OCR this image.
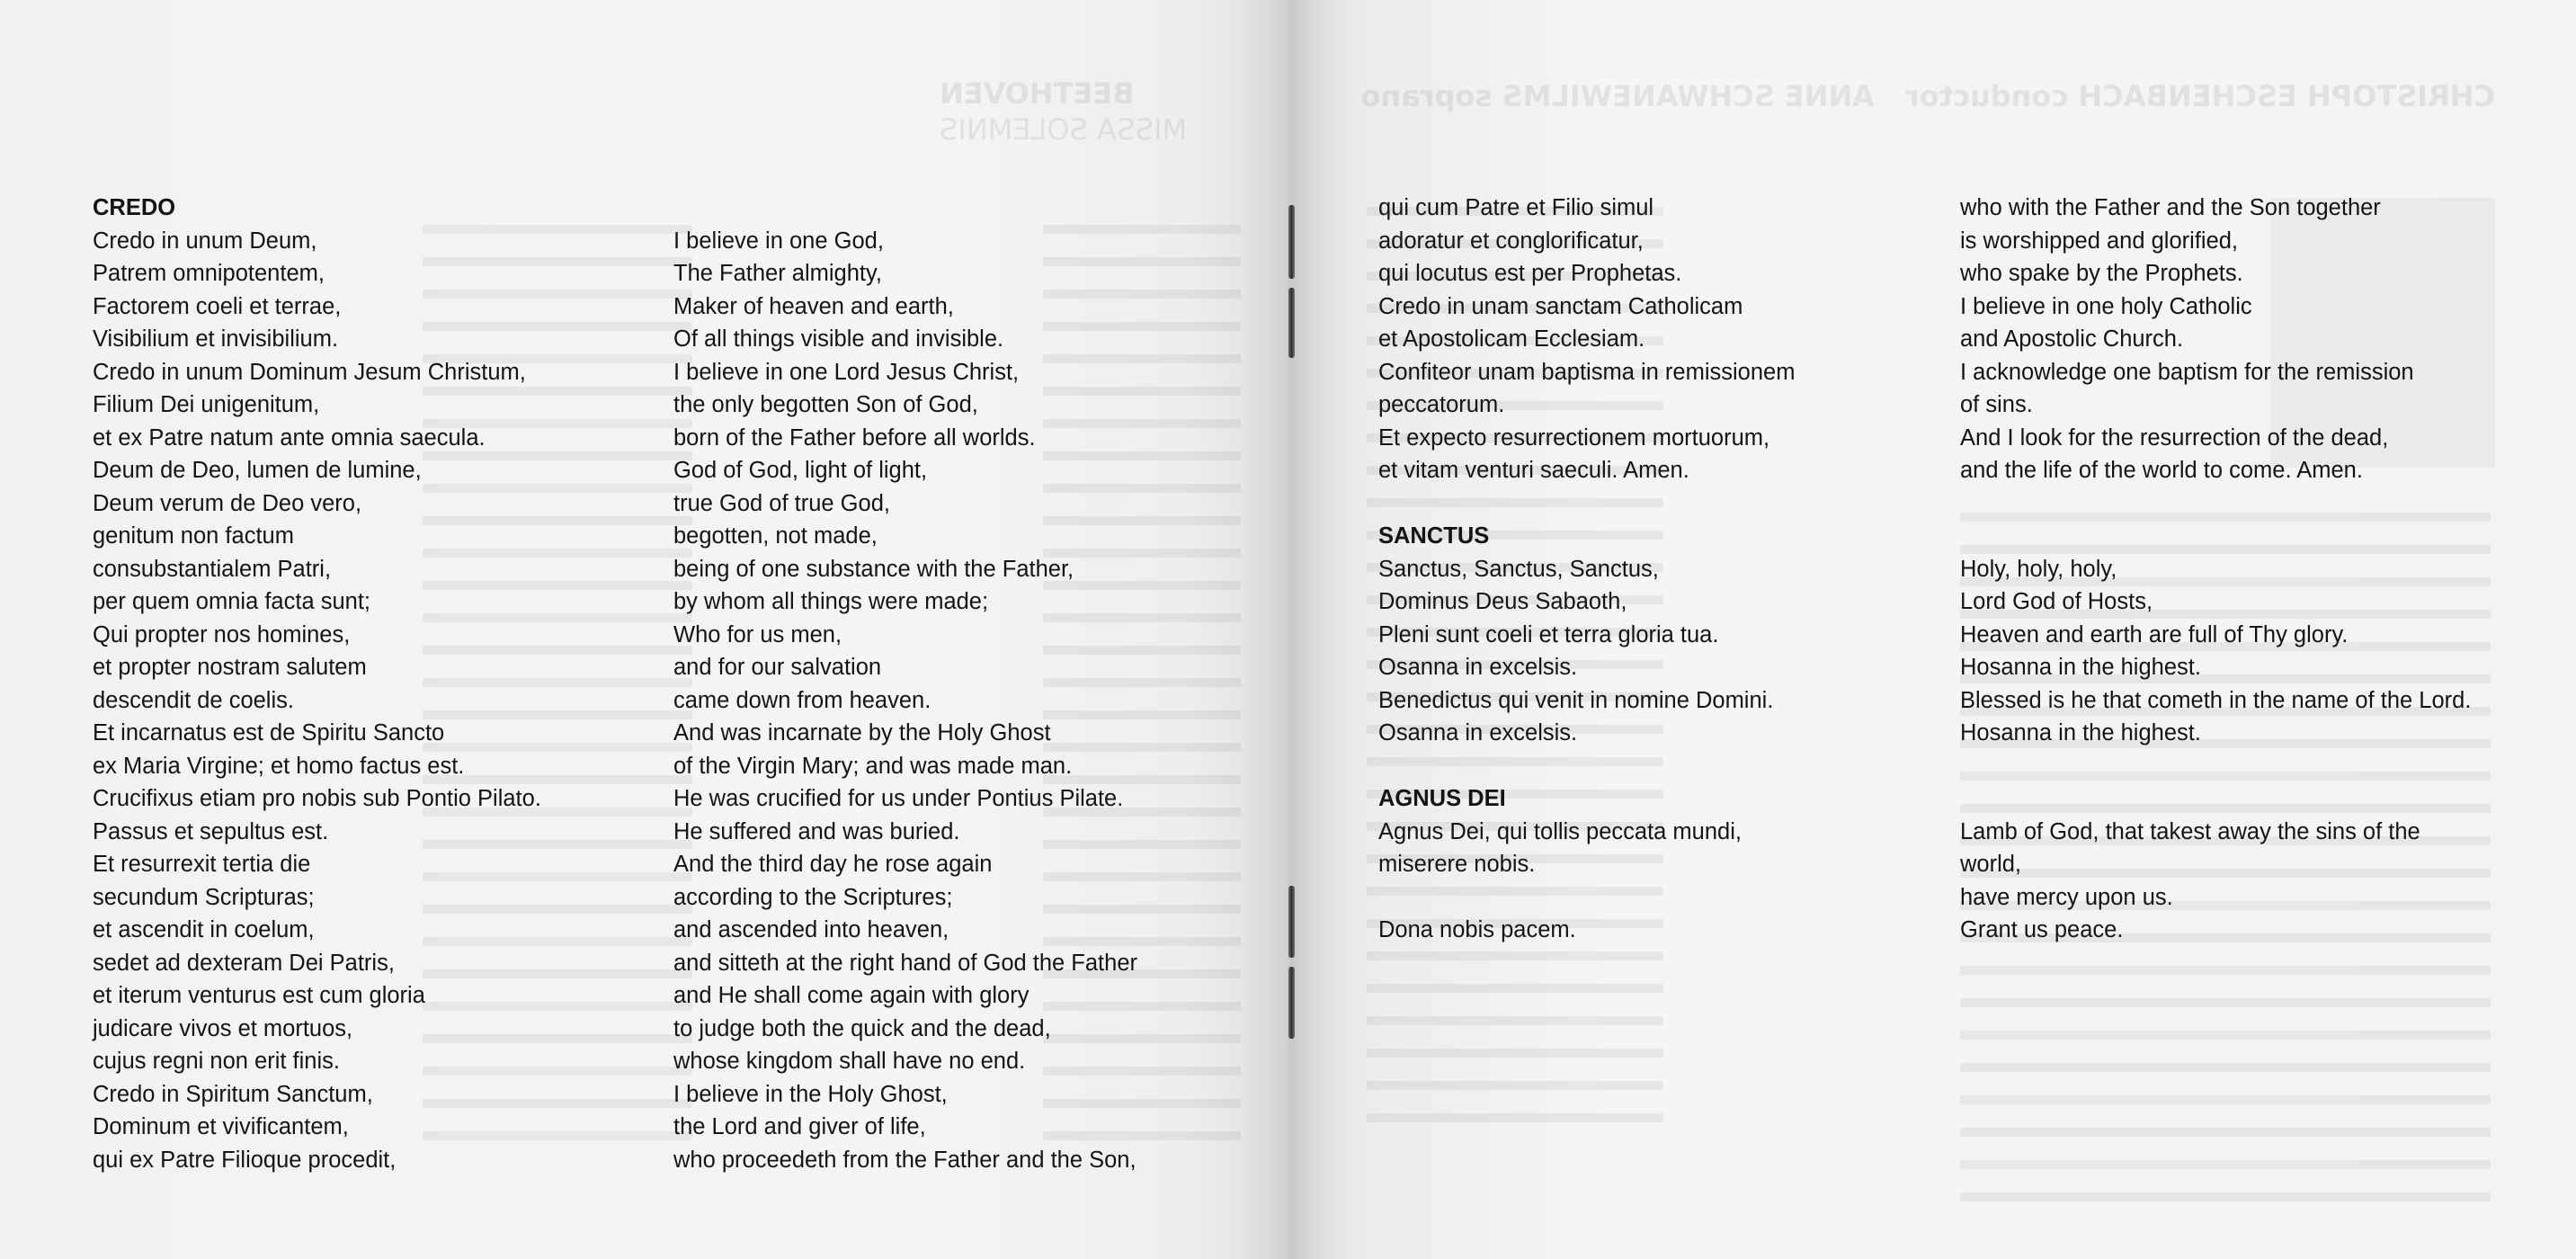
BEETHOVEN
MISSA SOLEMNIS
ANNE SCHWANEWILMS soprano CHRISTOPH ESCHENBACH conductor
CREDO
Credo in unum Deum,
Patrem omnipotentem,
Factorem coeli et terrae,
Visibilium et invisibilium.
Credo in unum Dominum Jesum Christum,
Filium Dei unigenitum,
et ex Patre natum ante omnia saecula.
Deum de Deo, lumen de lumine,
Deum verum de Deo vero,
genitum non factum
consubstantialem Patri,
per quem omnia facta sunt;
Qui propter nos homines,
et propter nostram salutem
descendit de coelis.
Et incarnatus est de Spiritu Sancto
ex Maria Virgine; et homo factus est.
Crucifixus etiam pro nobis sub Pontio Pilato.
Passus et sepultus est.
Et resurrexit tertia die
secundum Scripturas;
et ascendit in coelum,
sedet ad dexteram Dei Patris,
et iterum venturus est cum gloria
judicare vivos et mortuos,
cujus regni non erit finis.
Credo in Spiritum Sanctum,
Dominum et vivificantem,
qui ex Patre Filioque procedit,
I believe in one God,
The Father almighty,
Maker of heaven and earth,
Of all things visible and invisible.
I believe in one Lord Jesus Christ,
the only begotten Son of God,
born of the Father before all worlds.
God of God, light of light,
true God of true God,
begotten, not made,
being of one substance with the Father,
by whom all things were made;
Who for us men,
and for our salvation
came down from heaven.
And was incarnate by the Holy Ghost
of the Virgin Mary; and was made man.
He was crucified for us under Pontius Pilate.
He suffered and was buried.
And the third day he rose again
according to the Scriptures;
and ascended into heaven,
and sitteth at the right hand of God the Father
and He shall come again with glory
to judge both the quick and the dead,
whose kingdom shall have no end.
I believe in the Holy Ghost,
the Lord and giver of life,
who proceedeth from the Father and the Son,
qui cum Patre et Filio simul
adoratur et conglorificatur,
qui locutus est per Prophetas.
Credo in unam sanctam Catholicam
et Apostolicam Ecclesiam.
Confiteor unam baptisma in remissionem
peccatorum.
Et expecto resurrectionem mortuorum,
et vitam venturi saeculi. Amen.
SANCTUS
Sanctus, Sanctus, Sanctus,
Dominus Deus Sabaoth,
Pleni sunt coeli et terra gloria tua.
Osanna in excelsis.
Benedictus qui venit in nomine Domini.
Osanna in excelsis.
AGNUS DEI
Agnus Dei, qui tollis peccata mundi,
miserere nobis.
Dona nobis pacem.
who with the Father and the Son together
is worshipped and glorified,
who spake by the Prophets.
I believe in one holy Catholic
and Apostolic Church.
I acknowledge one baptism for the remission
of sins.
And I look for the resurrection of the dead,
and the life of the world to come. Amen.
Holy, holy, holy,
Lord God of Hosts,
Heaven and earth are full of Thy glory.
Hosanna in the highest.
Blessed is he that cometh in the name of the Lord.
Hosanna in the highest.
Lamb of God, that takest away the sins of the
world,
have mercy upon us.
Grant us peace.
